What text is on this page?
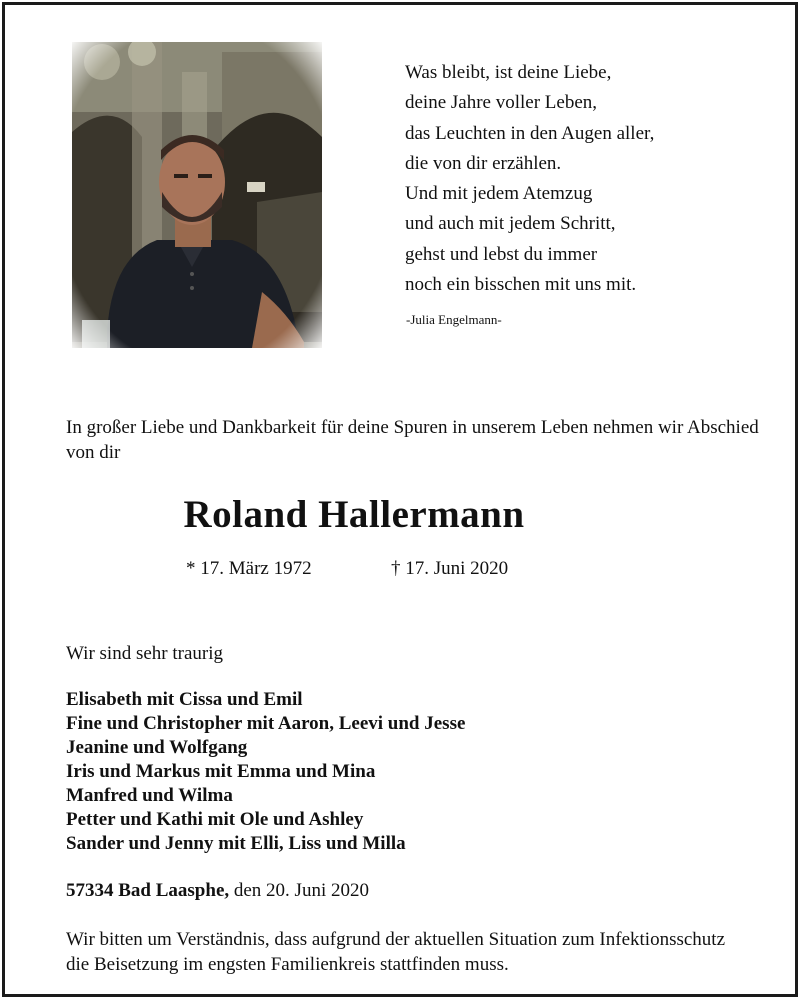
Was bleibt, ist deine Liebe,
deine Jahre voller Leben,
das Leuchten in den Augen aller,
die von dir erzählen.
Und mit jedem Atemzug
und auch mit jedem Schritt,
gehst und lebst du immer
noch ein bisschen mit uns mit.
-Julia Engelmann-
In großer Liebe und Dankbarkeit für deine Spuren in unserem Leben nehmen wir Abschied von dir
Roland Hallermann
* 17. März 1972	† 17. Juni 2020
Wir sind sehr traurig
Elisabeth mit Cissa und Emil
Fine und Christopher mit Aaron, Leevi und Jesse
Jeanine und Wolfgang
Iris und Markus mit Emma und Mina
Manfred und Wilma
Petter und Kathi mit Ole und Ashley
Sander und Jenny mit Elli, Liss und Milla
57334 Bad Laasphe, den 20. Juni 2020
Wir bitten um Verständnis, dass aufgrund der aktuellen Situation zum Infektionsschutz die Beisetzung im engsten Familienkreis stattfinden muss.
